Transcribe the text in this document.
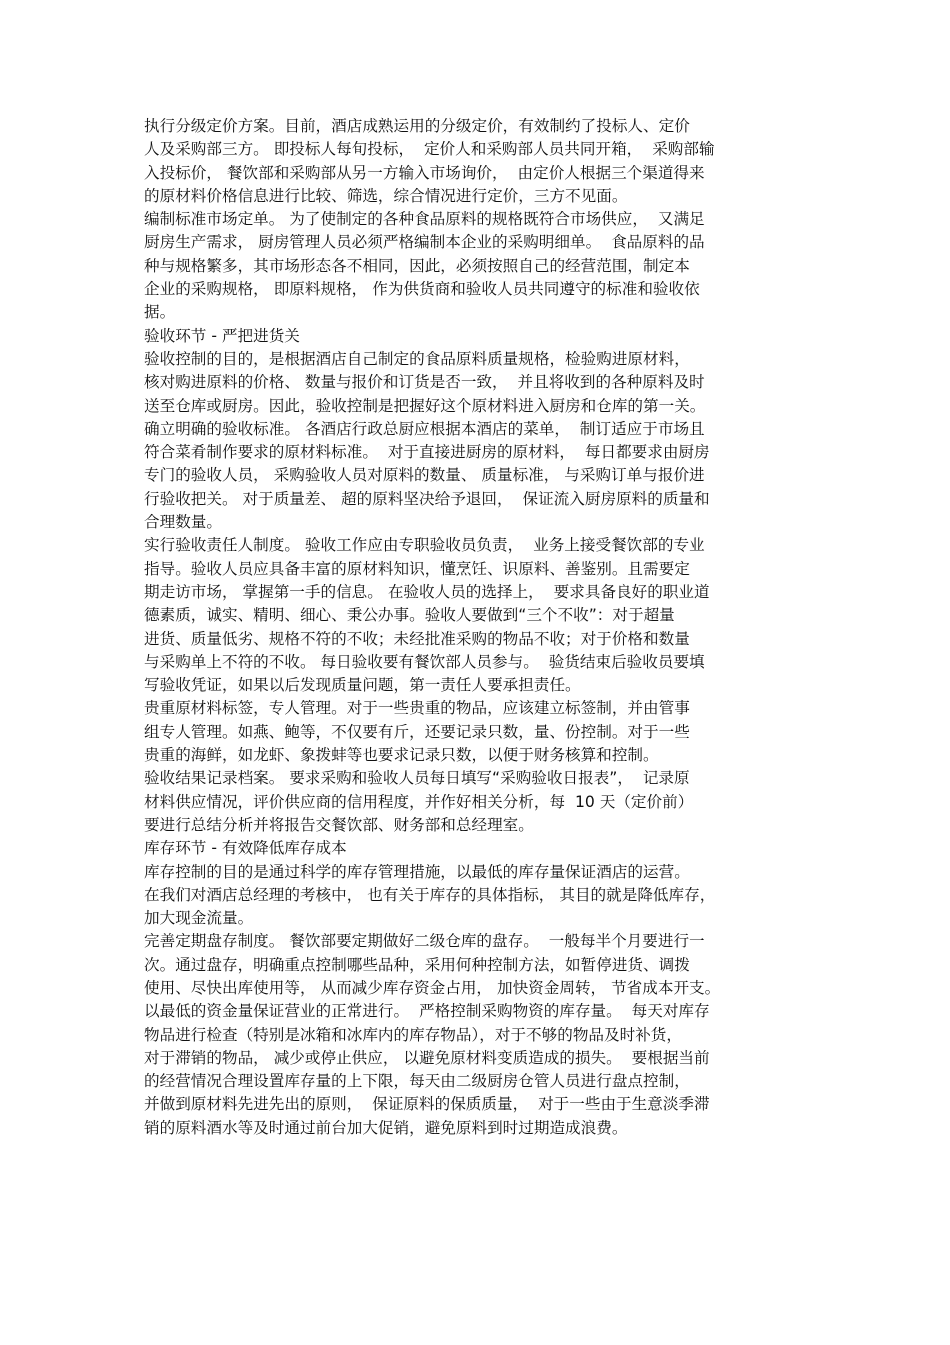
执行分级定价方案。目前，酒店成熟运用的分级定价，有效制约了投标人、定价
人及采购部三方。 即投标人每旬投标，  定价人和采购部人员共同开箱，  采购部输
入投标价， 餐饮部和采购部从另一方输入市场询价，  由定价人根据三个渠道得来
的原材料价格信息进行比较、筛选，综合情况进行定价，三方不见面。
编制标准市场定单。 为了使制定的各种食品原料的规格既符合市场供应，  又满足
厨房生产需求， 厨房管理人员必须严格编制本企业的采购明细单。  食品原料的品
种与规格繁多，其市场形态各不相同，因此，必须按照自己的经营范围，制定本
企业的采购规格， 即原料规格， 作为供货商和验收人员共同遵守的标准和验收依
据。
验收环节 - 严把进货关
验收控制的目的，是根据酒店自己制定的食品原料质量规格，检验购进原材料，
核对购进原料的价格、 数量与报价和订货是否一致，  并且将收到的各种原料及时
送至仓库或厨房。因此，验收控制是把握好这个原材料进入厨房和仓库的第一关。
确立明确的验收标准。 各酒店行政总厨应根据本酒店的菜单，  制订适应于市场且
符合菜肴制作要求的原材料标准。  对于直接进厨房的原材料，  每日都要求由厨房
专门的验收人员， 采购验收人员对原料的数量、 质量标准， 与采购订单与报价进
行验收把关。 对于质量差、 超的原料坚决给予退回，  保证流入厨房原料的质量和
合理数量。
实行验收责任人制度。 验收工作应由专职验收员负责，  业务上接受餐饮部的专业
指导。验收人员应具备丰富的原材料知识，懂烹饪、识原料、善鉴别。且需要定
期走访市场， 掌握第一手的信息。 在验收人员的选择上，  要求具备良好的职业道
德素质，诚实、精明、细心、秉公办事。验收人要做到“三个不收”：对于超量
进货、质量低劣、规格不符的不收；未经批准采购的物品不收；对于价格和数量
与采购单上不符的不收。 每日验收要有餐饮部人员参与。  验货结束后验收员要填
写验收凭证，如果以后发现质量问题，第一责任人要承担责任。
贵重原材料标签，专人管理。对于一些贵重的物品，应该建立标签制，并由管事
组专人管理。如燕、鲍等，不仅要有斤，还要记录只数，量、份控制。对于一些
贵重的海鲜，如龙虾、象拨蚌等也要求记录只数，以便于财务核算和控制。
验收结果记录档案。 要求采购和验收人员每日填写“采购验收日报表”，  记录原
材料供应情况，评价供应商的信用程度，并作好相关分析，每  10 天（定价前）
要进行总结分析并将报告交餐饮部、财务部和总经理室。
库存环节 - 有效降低库存成本
库存控制的目的是通过科学的库存管理措施，以最低的库存量保证酒店的运营。
在我们对酒店总经理的考核中， 也有关于库存的具体指标， 其目的就是降低库存，
加大现金流量。
完善定期盘存制度。 餐饮部要定期做好二级仓库的盘存。  一般每半个月要进行一
次。通过盘存，明确重点控制哪些品种，采用何种控制方法，如暂停进货、调拨
使用、尽快出库使用等， 从而减少库存资金占用， 加快资金周转， 节省成本开支。
以最低的资金量保证营业的正常进行。  严格控制采购物资的库存量。  每天对库存
物品进行检查（特别是冰箱和冰库内的库存物品），对于不够的物品及时补货，
对于滞销的物品， 减少或停止供应， 以避免原材料变质造成的损失。  要根据当前
的经营情况合理设置库存量的上下限，每天由二级厨房仓管人员进行盘点控制，
并做到原材料先进先出的原则，  保证原料的保质质量，  对于一些由于生意淡季滞
销的原料酒水等及时通过前台加大促销，避免原料到时过期造成浪费。
